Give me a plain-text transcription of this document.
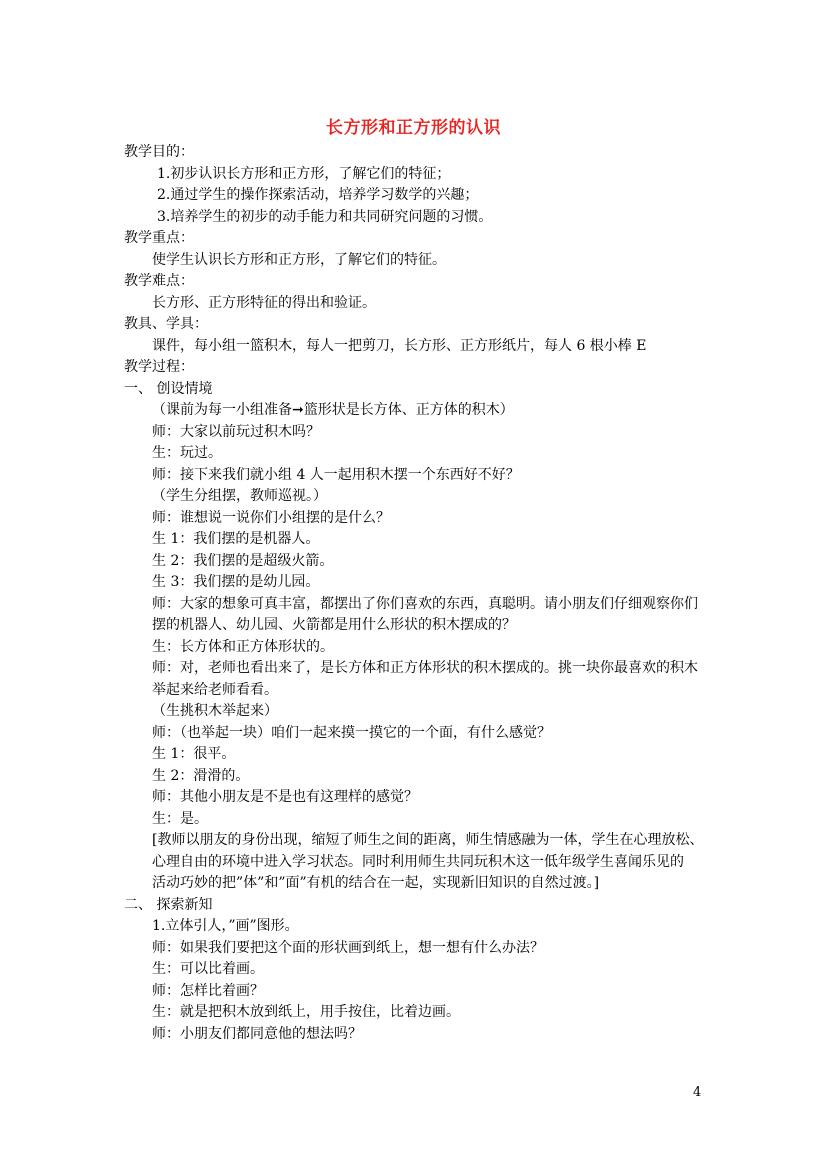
长方形和正方形的认识
教学目的：
1.初步认识长方形和正方形，了解它们的特征；
2.通过学生的操作探索活动，培养学习数学的兴趣；
3.培养学生的初步的动手能力和共同研究问题的习惯。
教学重点：
使学生认识长方形和正方形，了解它们的特征。
教学难点：
长方形、正方形特征的得出和验证。
教具、学具：
课件，每小组一篮积木，每人一把剪刀，长方形、正方形纸片，每人 6 根小棒 E
教学过程：
一、 创设情境
（课前为每一小组准备➞篮形状是长方体、正方体的积木）
师：大家以前玩过积木吗？
生：玩过。
师：接下来我们就小组 4 人一起用积木摆一个东西好不好？
（学生分组摆，教师巡视。）
师：谁想说一说你们小组摆的是什么？
生 1：我们摆的是机器人。
生 2：我们摆的是超级火箭。
生 3：我们摆的是幼儿园。
师：大家的想象可真丰富，都摆出了你们喜欢的东西，真聪明。请小朋友们仔细观察你们
摆的机器人、幼儿园、火箭都是用什么形状的积木摆成的？
生：长方体和正方体形状的。
师：对，老师也看出来了，是长方体和正方体形状的积木摆成的。挑一块你最喜欢的积木
举起来给老师看看。
（生挑积木举起来）
师：（也举起一块）咱们一起来摸一摸它的一个面，有什么感觉？
生 1：很平。
生 2：滑滑的。
师：其他小朋友是不是也有这理样的感觉？
生：是。
[教师以朋友的身份出现，缩短了师生之间的距离，师生情感融为一体，学生在心理放松、
心理自由的环境中进入学习状态。同时利用师生共同玩积木这一低年级学生喜闻乐见的
活动巧妙的把”体”和”面”有机的结合在一起，实现新旧知识的自然过渡。]
二、 探索新知
1.立体引人，”画”图形。
师：如果我们要把这个面的形状画到纸上，想一想有什么办法？
生：可以比着画。
师：怎样比着画？
生：就是把积木放到纸上，用手按住，比着边画。
师：小朋友们都同意他的想法吗？
4
